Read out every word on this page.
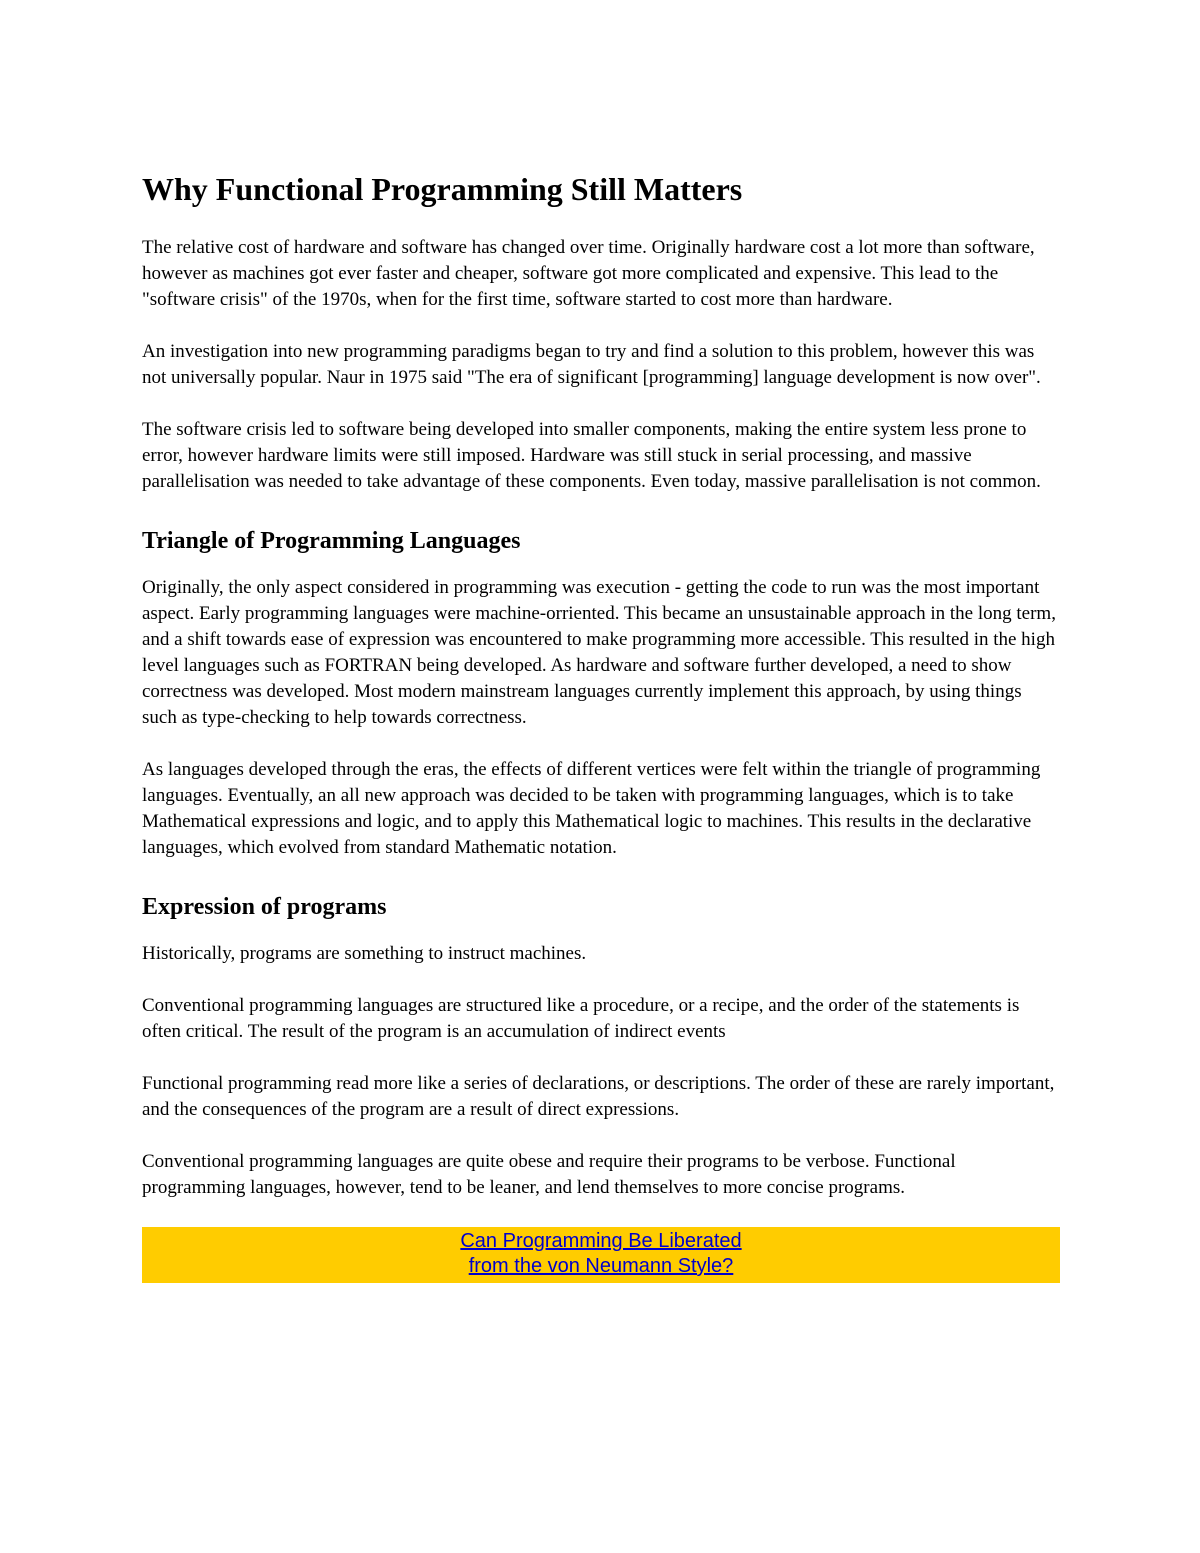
Why Functional Programming Still Matters

The relative cost of hardware and software has changed over time. Originally hardware cost a lot more than software, however as machines got ever faster and cheaper, software got more complicated and expensive. This lead to the "software crisis" of the 1970s, when for the first time, software started to cost more than hardware.

An investigation into new programming paradigms began to try and find a solution to this problem, however this was not universally popular. Naur in 1975 said "The era of significant [programming] language development is now over".

The software crisis led to software being developed into smaller components, making the entire system less prone to error, however hardware limits were still imposed. Hardware was still stuck in serial processing, and massive parallelisation was needed to take advantage of these components. Even today, massive parallelisation is not common.

Triangle of Programming Languages

Originally, the only aspect considered in programming was execution - getting the code to run was the most important aspect. Early programming languages were machine-orriented. This became an unsustainable approach in the long term, and a shift towards ease of expression was encountered to make programming more accessible. This resulted in the high level languages such as FORTRAN being developed. As hardware and software further developed, a need to show correctness was developed. Most modern mainstream languages currently implement this approach, by using things such as type-checking to help towards correctness.

As languages developed through the eras, the effects of different vertices were felt within the triangle of programming languages. Eventually, an all new approach was decided to be taken with programming languages, which is to take Mathematical expressions and logic, and to apply this Mathematical logic to machines. This results in the declarative languages, which evolved from standard Mathematic notation.

Expression of programs

Historically, programs are something to instruct machines.

Conventional programming languages are structured like a procedure, or a recipe, and the order of the statements is often critical. The result of the program is an accumulation of indirect events

Functional programming read more like a series of declarations, or descriptions. The order of these are rarely important, and the consequences of the program are a result of direct expressions.

Conventional programming languages are quite obese and require their programs to be verbose. Functional programming languages, however, tend to be leaner, and lend themselves to more concise programs.

Can Programming Be Liberated
from the von Neumann Style?
